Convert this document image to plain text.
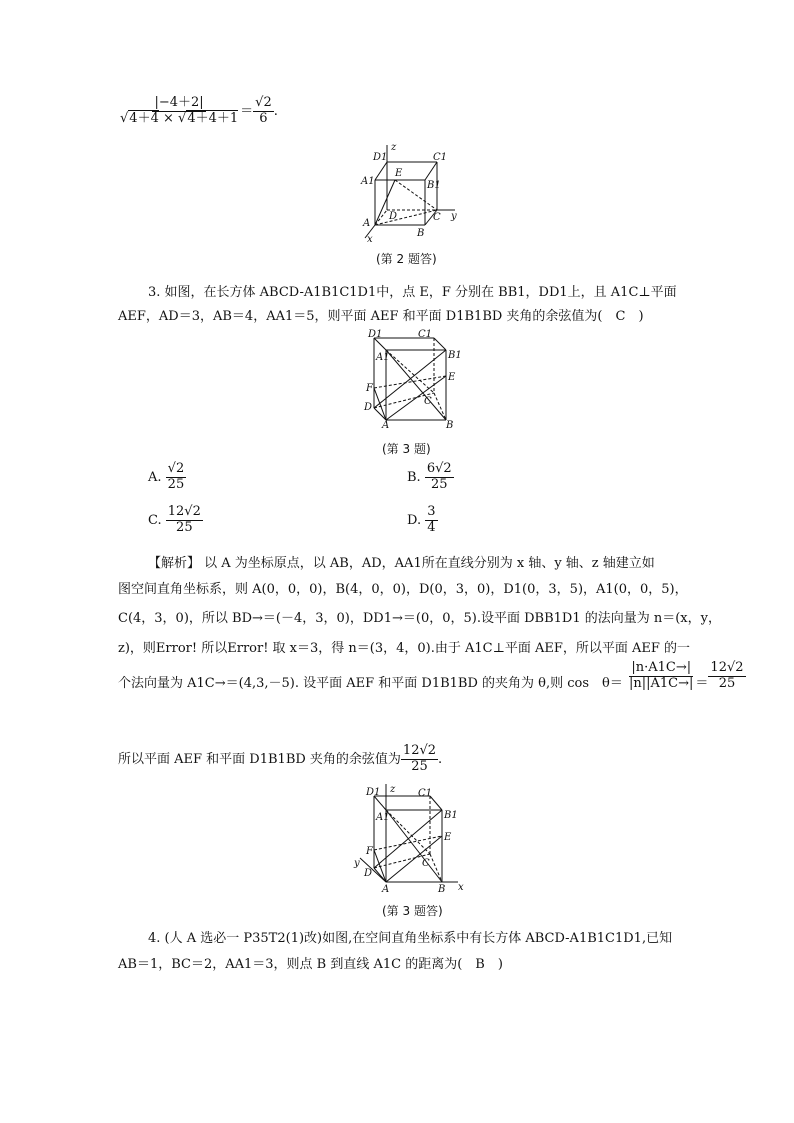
$\frac{|-4+2|}{√4+4 \times √4+4+1} = \frac{√2}{6}$ .
z
D1	C1
A1
E
B1
D
A
C y
B
x
(第 2 题答)
3. 如图，在长方体 ABCD-A1B1C1D1中，点 E，F 分别在 BB1，DD1上，且 A1C⊥平面
AEF，AD＝3，AB＝4，AA1＝5，则平面 AEF 和平面 D1B1BD 夹角的余弦值为(　C　)
D1	C1
A1	B1
E
F
D
C
A	B
(第 3 题)
A. $\frac{√2}{25}$	B. $\frac{6√2}{25}$
C. $\frac{12√2}{25}$	D. $\frac{3}{4}$
【解析】 以 A 为坐标原点，以 AB，AD，AA1所在直线分别为 x 轴、y 轴、z 轴建立如
图空间直角坐标系，则 A(0，0，0)，B(4，0，0)，D(0，3，0)，D1(0，3，5)，A1(0，0，5)，
C(4，3，0)，所以 BD→＝(－4，3，0)，DD1→＝(0，0，5).设平面 DBB1D1 的法向量为 n＝(x，y，
z)，则Error! 所以Error! 取 x＝3，得 n＝(3，4，0).由于 A1C⊥平面 AEF，所以平面 AEF 的一
个法向量为 A1C→＝(4,3,－5). 设平面 AEF 和平面 D1B1BD 的夹角为 θ,则 cos　$\theta= \frac{|n\cdot A1C\to|}{|n||A1C\to|} = \frac{12√2}{25}$
所以平面 AEF 和平面 D1B1BD 夹角的余弦值为 $\frac{12√2}{25}$ .
z
D1	C1
A1	B1
E
F
y
D
C
A	B x
(第 3 题答)
4. (人 A 选必一 P35T2(1)改)如图,在空间直角坐标系中有长方体 ABCD-A1B1C1D1,已知
AB＝1，BC＝2，AA1＝3，则点 B 到直线 A1C 的距离为(　B　)
